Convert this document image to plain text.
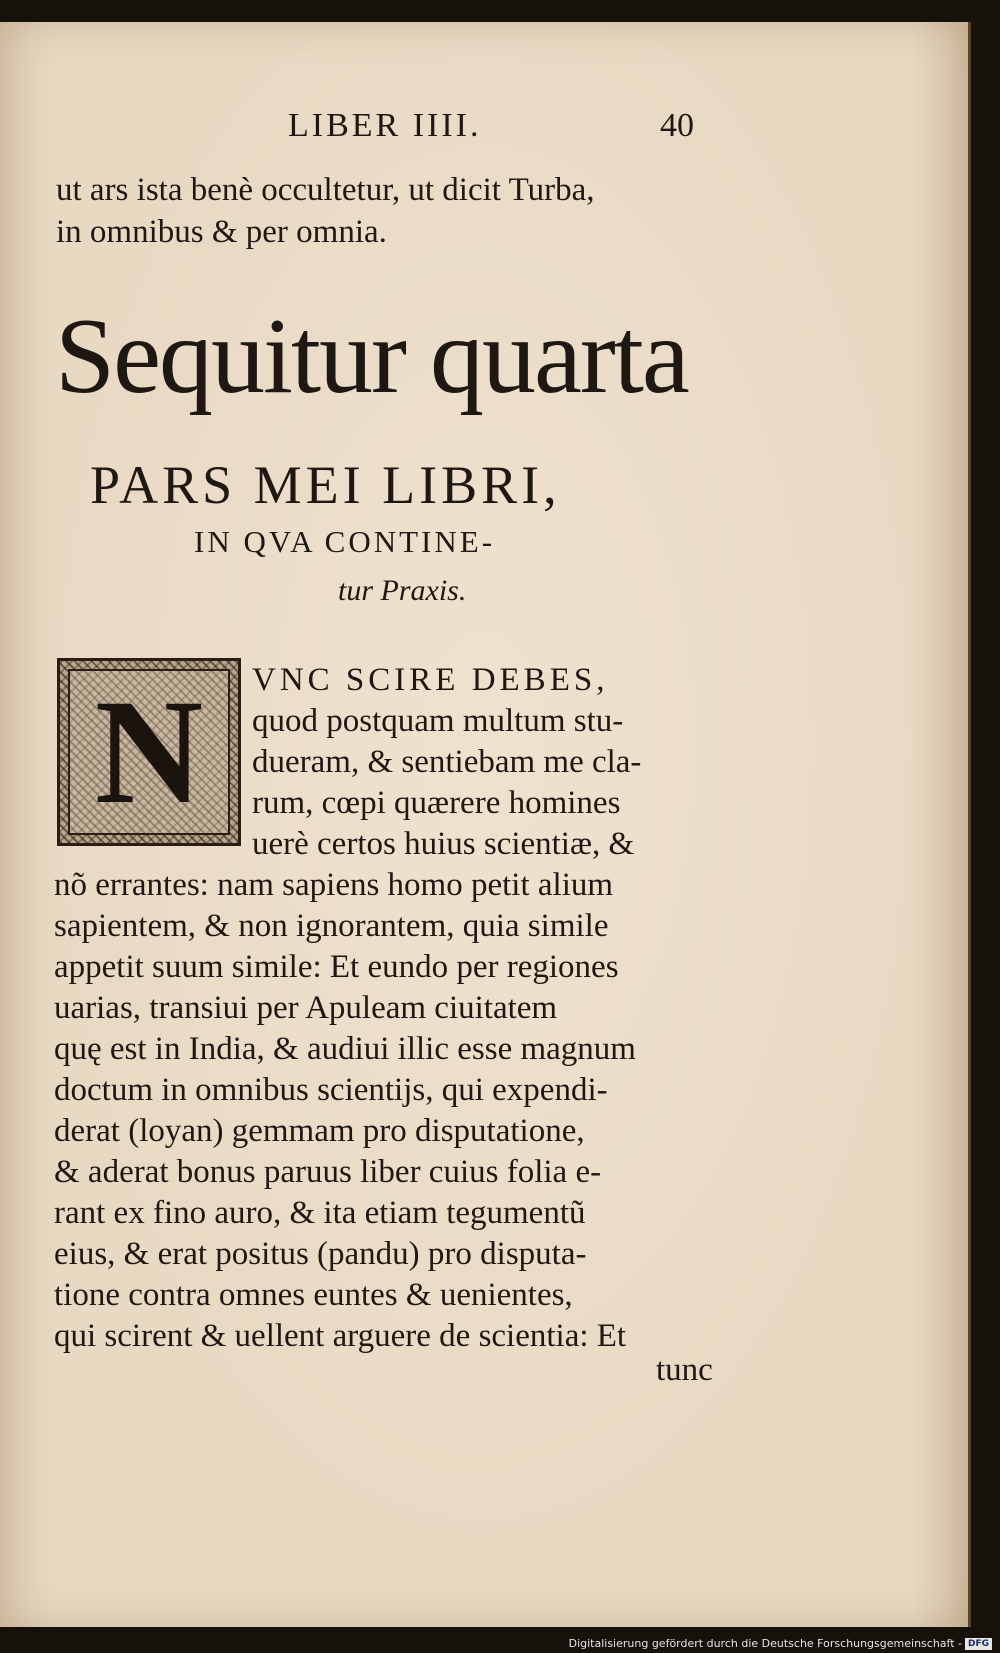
LIBER IIII.	40
ut ars ista benè occultetur, ut dicit Turba,
in omnibus & per omnia.
Sequitur quarta
PARS MEI LIBRI,
IN QVA CONTINE-
tur Praxis.
N VNC SCIRE DEBES,
quod postquam multum stu-
dueram, & sentiebam me cla-
rum, cœpi quærere homines
uerè certos huius scientiæ, &
nõ errantes: nam sapiens homo petit alium
sapientem, & non ignorantem, quia simile
appetit suum simile: Et eundo per regiones
uarias, transiui per Apuleam ciuitatem
quę est in India, & audiui illic esse magnum
doctum in omnibus scientijs, qui expendi-
derat (loyan) gemmam pro disputatione,
& aderat bonus paruus liber cuius folia e-
rant ex fino auro, & ita etiam tegumentũ
eius, & erat positus (pandu) pro disputa-
tione contra omnes euntes & uenientes,
qui scirent & uellent arguere de scientia: Et
tunc
Digitalisierung gefördert durch die Deutsche Forschungsgemeinschaft - DFG
